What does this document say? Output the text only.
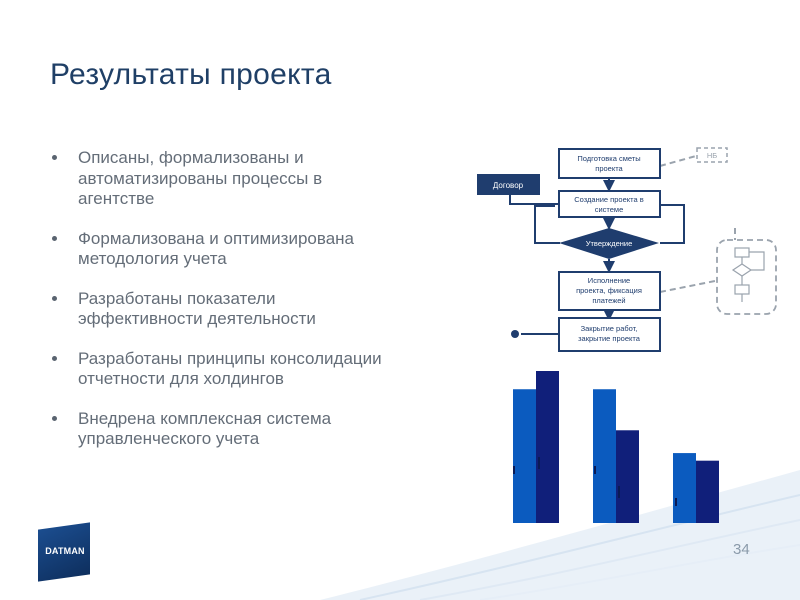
Результаты проекта
Описаны, формализованы и автоматизированы процессы в агентстве
Формализована и оптимизирована методология учета
Разработаны показатели эффективности деятельности
Разработаны принципы консолидации отчетности для холдингов
Внедрена комплексная система управленческого учета
Договор
Подготовка сметы
проекта
Создание проекта в
системе
Утверждение
Исполнение
проекта, фиксация
платежей
Закрытие работ,
закрытие проекта
НБ
DATMAN	34
